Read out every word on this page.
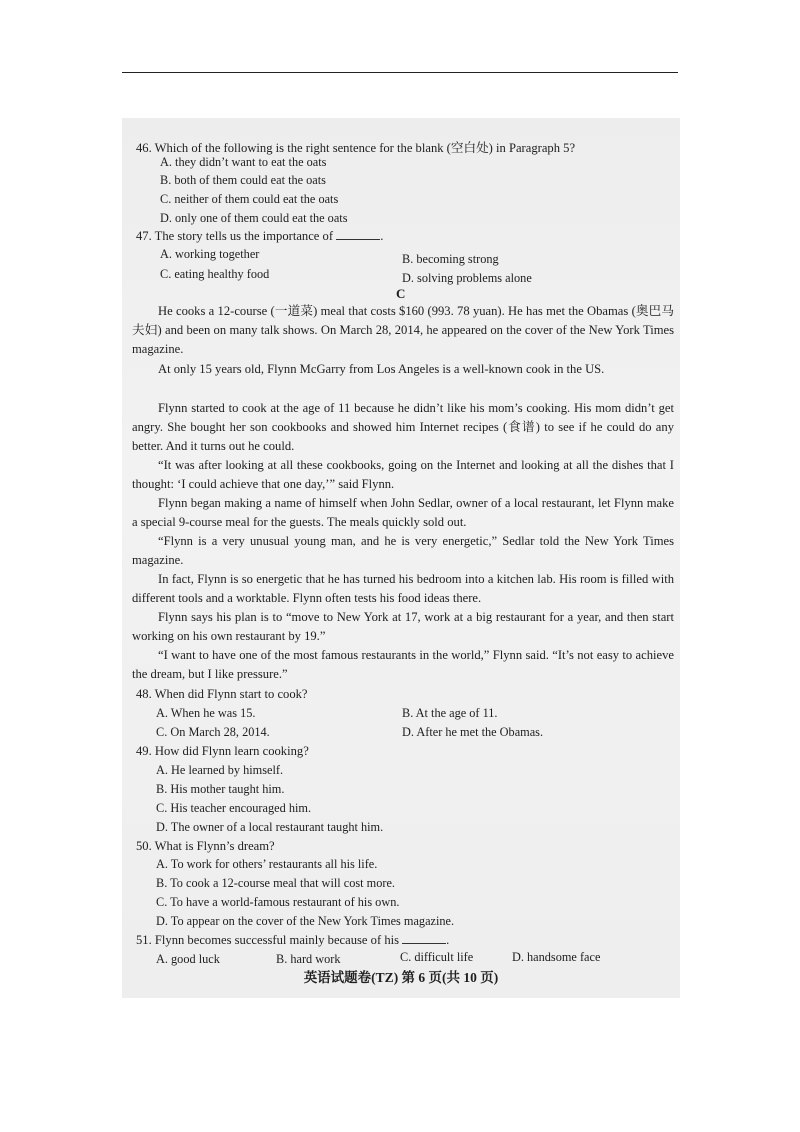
46. Which of the following is the right sentence for the blank (空白处) in Paragraph 5?
A. they didn’t want to eat the oats
B. both of them could eat the oats
C. neither of them could eat the oats
D. only one of them could eat the oats
47. The story tells us the importance of	.
A. working together	B. becoming strong
C. eating healthy food	D. solving problems alone
C
He cooks a 12-course (一道菜) meal that costs $160 (993. 78 yuan). He has met the Obamas (奥巴马夫妇) and been on many talk shows. On March 28, 2014, he appeared on the cover of the New York Times magazine.
At only 15 years old, Flynn McGarry from Los Angeles is a well-known cook in the US.
Flynn started to cook at the age of 11 because he didn’t like his mom’s cooking. His mom didn’t get angry. She bought her son cookbooks and showed him Internet recipes (食谱) to see if he could do any better. And it turns out he could.
“It was after looking at all these cookbooks, going on the Internet and looking at all the dishes that I thought: ‘I could achieve that one day,’” said Flynn.
Flynn began making a name of himself when John Sedlar, owner of a local restaurant, let Flynn make a special 9-course meal for the guests. The meals quickly sold out.
“Flynn is a very unusual young man, and he is very energetic,” Sedlar told the New York Times magazine.
In fact, Flynn is so energetic that he has turned his bedroom into a kitchen lab. His room is filled with different tools and a worktable. Flynn often tests his food ideas there.
Flynn says his plan is to “move to New York at 17, work at a big restaurant for a year, and then start working on his own restaurant by 19.”
“I want to have one of the most famous restaurants in the world,” Flynn said. “It’s not easy to achieve the dream, but I like pressure.”
48. When did Flynn start to cook?
A. When he was 15.	B. At the age of 11.
C. On March 28, 2014.	D. After he met the Obamas.
49. How did Flynn learn cooking?
A. He learned by himself.
B. His mother taught him.
C. His teacher encouraged him.
D. The owner of a local restaurant taught him.
50. What is Flynn’s dream?
A. To work for others’ restaurants all his life.
B. To cook a 12-course meal that will cost more.
C. To have a world-famous restaurant of his own.
D. To appear on the cover of the New York Times magazine.
51. Flynn becomes successful mainly because of his	.
A. good luck	B. hard work	C. difficult life	D. handsome face
英语试题卷(TZ) 第 6 页(共 10 页)
